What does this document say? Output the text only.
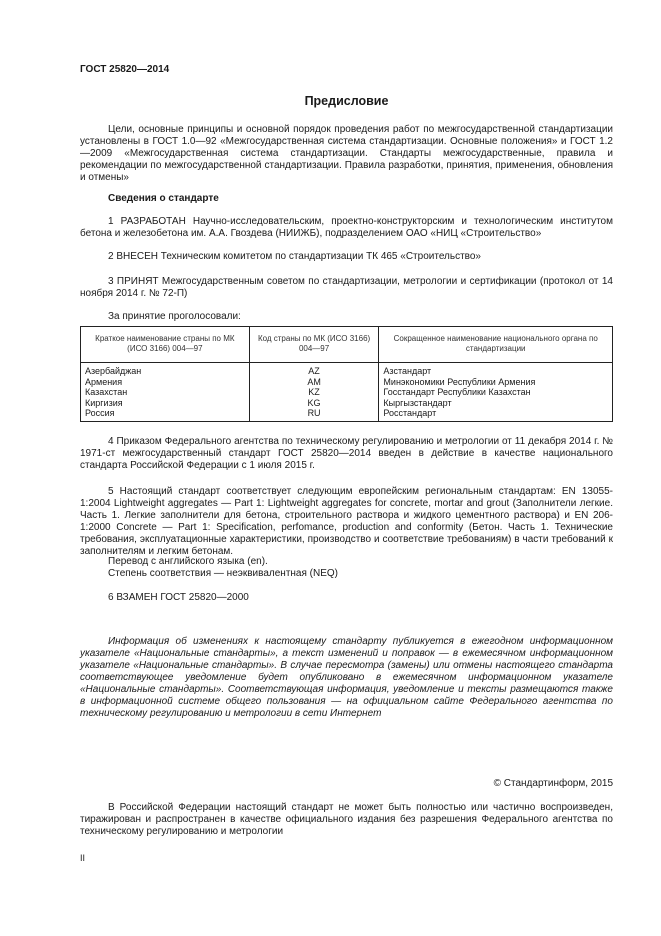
ГОСТ 25820—2014
Предисловие
Цели, основные принципы и основной порядок проведения работ по межгосударственной стандартизации установлены в ГОСТ 1.0—92 «Межгосударственная система стандартизации. Основные положения» и ГОСТ 1.2—2009 «Межгосударственная система стандартизации. Стандарты межгосударственные, правила и рекомендации по межгосударственной стандартизации. Правила разработки, принятия, применения, обновления и отмены»
Сведения о стандарте
1 РАЗРАБОТАН Научно-исследовательским, проектно-конструкторским и технологическим институтом бетона и железобетона им. А.А. Гвоздева (НИИЖБ), подразделением ОАО «НИЦ «Строительство»
2 ВНЕСЕН Техническим комитетом по стандартизации ТК 465 «Строительство»
3 ПРИНЯТ Межгосударственным советом по стандартизации, метрологии и сертификации (протокол от 14 ноября 2014 г. № 72-П)
За принятие проголосовали:
Краткое наименование страны по МК (ИСО 3166) 004—97	Код страны по МК (ИСО 3166) 004—97	Сокращенное наименование национального органа по стандартизации
Азербайджан	AZ	Азстандарт
Армения	AM	Минэкономики Республики Армения
Казахстан	KZ	Госстандарт Республики Казахстан
Киргизия	KG	Кыргызстандарт
Россия	RU	Росстандарт
4 Приказом Федерального агентства по техническому регулированию и метрологии от 11 декабря 2014 г. № 1971-ст межгосударственный стандарт ГОСТ 25820—2014 введен в действие в качестве национального стандарта Российской Федерации с 1 июля 2015 г.
5 Настоящий стандарт соответствует следующим европейским региональным стандартам: EN 13055-1:2004 Lightweight aggregates — Part 1: Lightweight aggregates for concrete, mortar and grout (Заполнители легкие. Часть 1. Легкие заполнители для бетона, строительного раствора и жидкого цементного раствора) и EN 206-1:2000 Concrete — Part 1: Specification, perfomance, production and conformity (Бетон. Часть 1. Технические требования, эксплуатационные характеристики, производство и соответствие требованиям) в части требований к заполнителям и легким бетонам.
Перевод с английского языка (en).
Степень соответствия — неэквивалентная (NEQ)
6 ВЗАМЕН ГОСТ 25820—2000
Информация об изменениях к настоящему стандарту публикуется в ежегодном информационном указателе «Национальные стандарты», а текст изменений и поправок — в ежемесячном информационном указателе «Национальные стандарты». В случае пересмотра (замены) или отмены настоящего стандарта соответствующее уведомление будет опубликовано в ежемесячном информационном указателе «Национальные стандарты». Соответствующая информация, уведомление и тексты размещаются также в информационной системе общего пользования — на официальном сайте Федерального агентства по техническому регулированию и метрологии в сети Интернет
© Стандартинформ, 2015
В Российской Федерации настоящий стандарт не может быть полностью или частично воспроизведен, тиражирован и распространен в качестве официального издания без разрешения Федерального агентства по техническому регулированию и метрологии
II
